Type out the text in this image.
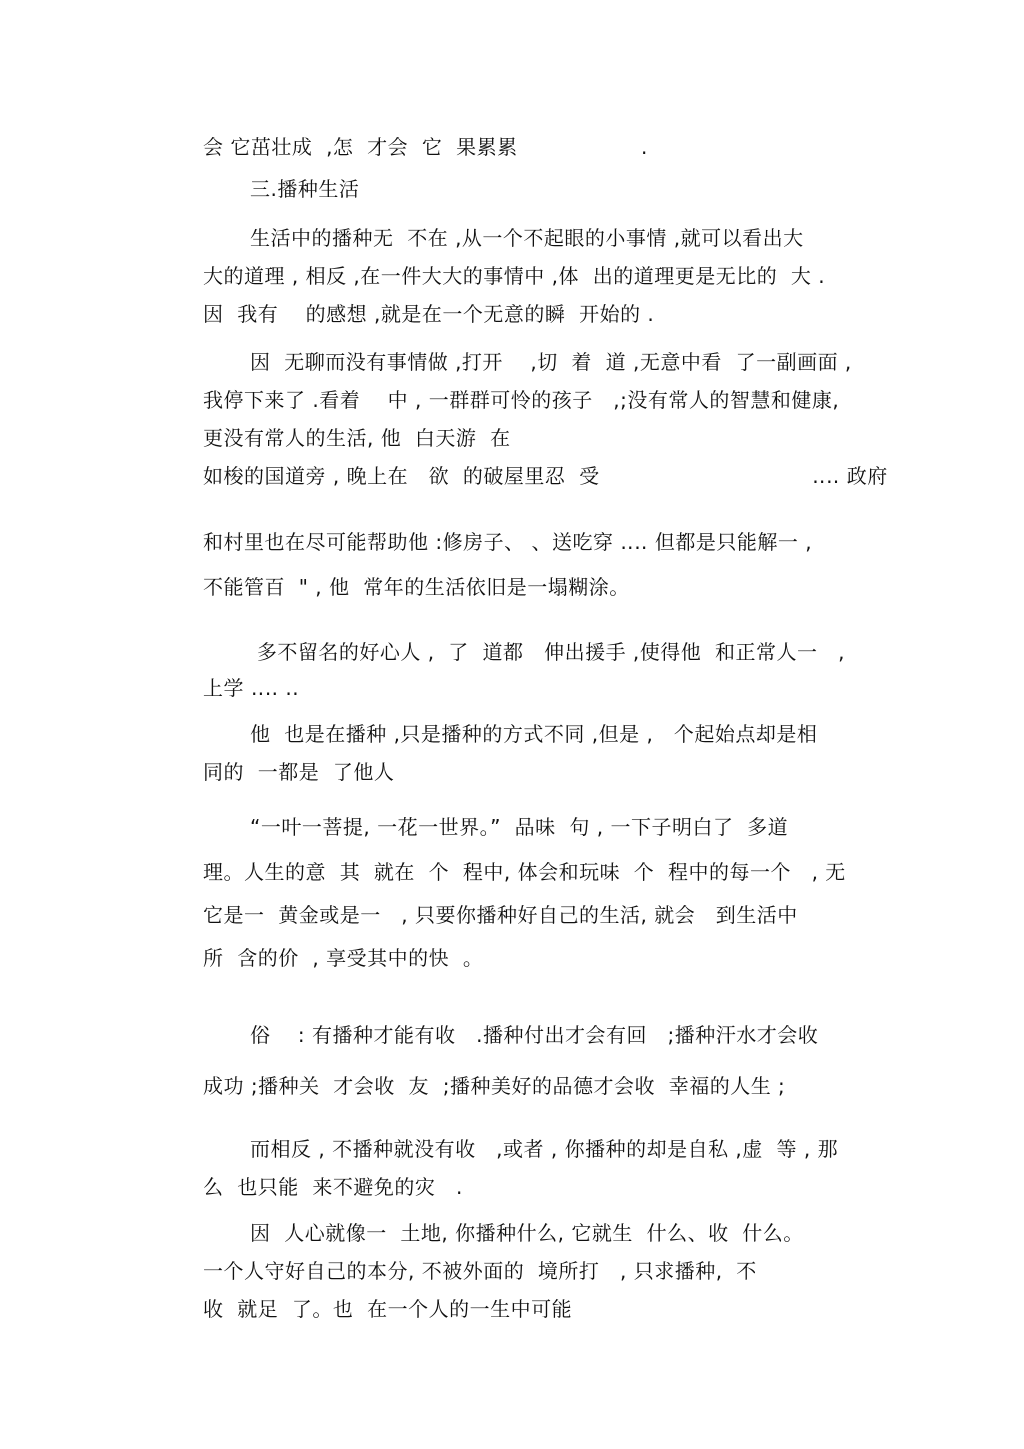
会 它茁壮成  ,怎  才会  它  果累累                  .
三.播种生活
生活中的播种无  不在 ,从一个不起眼的小事情 ,就可以看出大
大的道理 , 相反 ,在一件大大的事情中 ,体  出的道理更是无比的  大 .
因  我有    的感想 ,就是在一个无意的瞬  开始的 .
因  无聊而没有事情做 ,打开    ,切  着  道 ,无意中看  了一副画面 ,
我停下来了 .看着    中 , 一群群可怜的孩子   ,;没有常人的智慧和健康,
更没有常人的生活, 他  白天游  在
如梭的国道旁 , 晚上在   欲  的破屋里忍  受                               ‥‥ 政府
和村里也在尽可能帮助他 :修房子、 、送吃穿 ‥‥ 但都是只能解一 ,
不能管百  " , 他  常年的生活依旧是一塌糊涂。
多不留名的好心人 ,  了  道都   伸出援手 ,使得他  和正常人一   ,
上学 ‥‥ ..
他  也是在播种 ,只是播种的方式不同 ,但是 ,   个起始点却是相
同的  一都是  了他人
“一叶一菩提, 一花一世界。”  品味  句 , 一下子明白了  多道
理。人生的意  其  就在  个  程中, 体会和玩味  个  程中的每一个   , 无
它是一  黄金或是一   , 只要你播种好自己的生活, 就会   到生活中
所  含的价  , 享受其中的快  。
俗    : 有播种才能有收   .播种付出才会有回   ;播种汗水才会收
成功 ;播种关  才会收  友  ;播种美好的品德才会收  幸福的人生 ;
而相反 , 不播种就没有收   ,或者 , 你播种的却是自私 ,虚  等 , 那
么  也只能  来不避免的灾   .
因  人心就像一  土地, 你播种什么, 它就生  什么、收  什么。
一个人守好自己的本分, 不被外面的  境所打   , 只求播种,  不
收  就足  了。也  在一个人的一生中可能
